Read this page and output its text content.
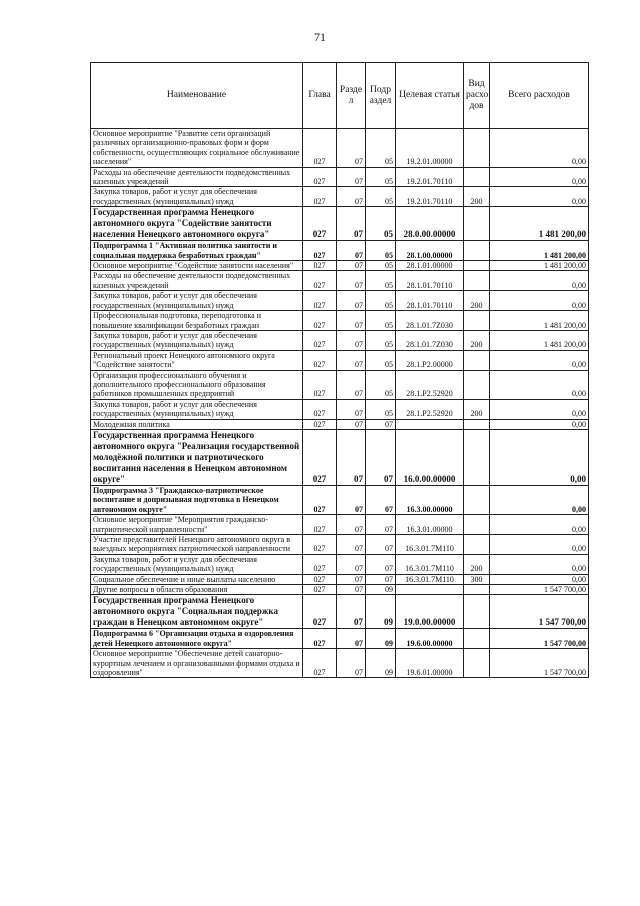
71
Наименование	Глава	Разде л	Подр аздел	Целевая статья	Вид расхо дов	Всего расходов
Основное мероприятие "Развитие сети организаций различных организационно-правовых форм и форм собственности, осуществляющих социальное обслуживание населения"	027	07	05	19.2.01.00000		0,00
Расходы на обеспечение деятельности подведомственных казенных учреждений	027	07	05	19.2.01.70110		0,00
Закупка товаров, работ и услуг для обеспечения государственных (муниципальных) нужд	027	07	05	19.2.01.70110	200	0,00
Государственная программа Ненецкого автономного округа "Содействие занятости населения Ненецкого автономного округа"	027	07	05	28.0.00.00000		1 481 200,00
Подпрограмма 1 "Активная политика занятости и социальная поддержка безработных граждан"	027	07	05	28.1.00.00000		1 481 200,00
Основное мероприятие "Содействие занятости населения"	027	07	05	28.1.01.00000		1 481 200,00
Расходы на обеспечение деятельности подведомственных казенных учреждений	027	07	05	28.1.01.70110		0,00
Закупка товаров, работ и услуг для обеспечения государственных (муниципальных) нужд	027	07	05	28.1.01.70110	200	0,00
Профессиональная подготовка, переподготовка и повышение квалификации безработных граждан	027	07	05	28.1.01.7Z030		1 481 200,00
Закупка товаров, работ и услуг для обеспечения государственных (муниципальных) нужд	027	07	05	28.1.01.7Z030	200	1 481 200,00
Региональный проект Ненецкого автономного округа "Содействие занятости"	027	07	05	28.1.P2.00000		0,00
Организация профессионального обучения и дополнительного профессионального образования работников промышленных предприятий	027	07	05	28.1.P2.52920		0,00
Закупка товаров, работ и услуг для обеспечения государственных (муниципальных) нужд	027	07	05	28.1.P2.52920	200	0,00
Молодежная политика	027	07	07			0,00
Государственная программа Ненецкого автономного округа "Реализация государственной молодёжной политики и патриотического воспитания населения в Ненецком автономном округе"	027	07	07	16.0.00.00000		0,00
Подпрограмма 3 "Гражданско-патриотическое воспитание и допризывная подготовка в Ненецком автономном округе"	027	07	07	16.3.00.00000		0,00
Основное мероприятие "Мероприятия гражданско-патриотической направленности"	027	07	07	16.3.01.00000		0,00
Участие представителей Ненецкого автономного округа в выездных мероприятиях патриотической направленности	027	07	07	16.3.01.7M110		0,00
Закупка товаров, работ и услуг для обеспечения государственных (муниципальных) нужд	027	07	07	16.3.01.7M110	200	0,00
Социальное обеспечение и иные выплаты населению	027	07	07	16.3.01.7M110	300	0,00
Другие вопросы в области образования	027	07	09			1 547 700,00
Государственная программа Ненецкого автономного округа "Социальная поддержка граждан в Ненецком автономном округе"	027	07	09	19.0.00.00000		1 547 700,00
Подпрограмма 6 "Организация отдыха и оздоровления детей Ненецкого автономного округа"	027	07	09	19.6.00.00000		1 547 700,00
Основное мероприятие "Обеспечение детей санаторно-курортным лечением и организованными формами отдыха и оздоровления"	027	07	09	19.6.01.00000		1 547 700,00
